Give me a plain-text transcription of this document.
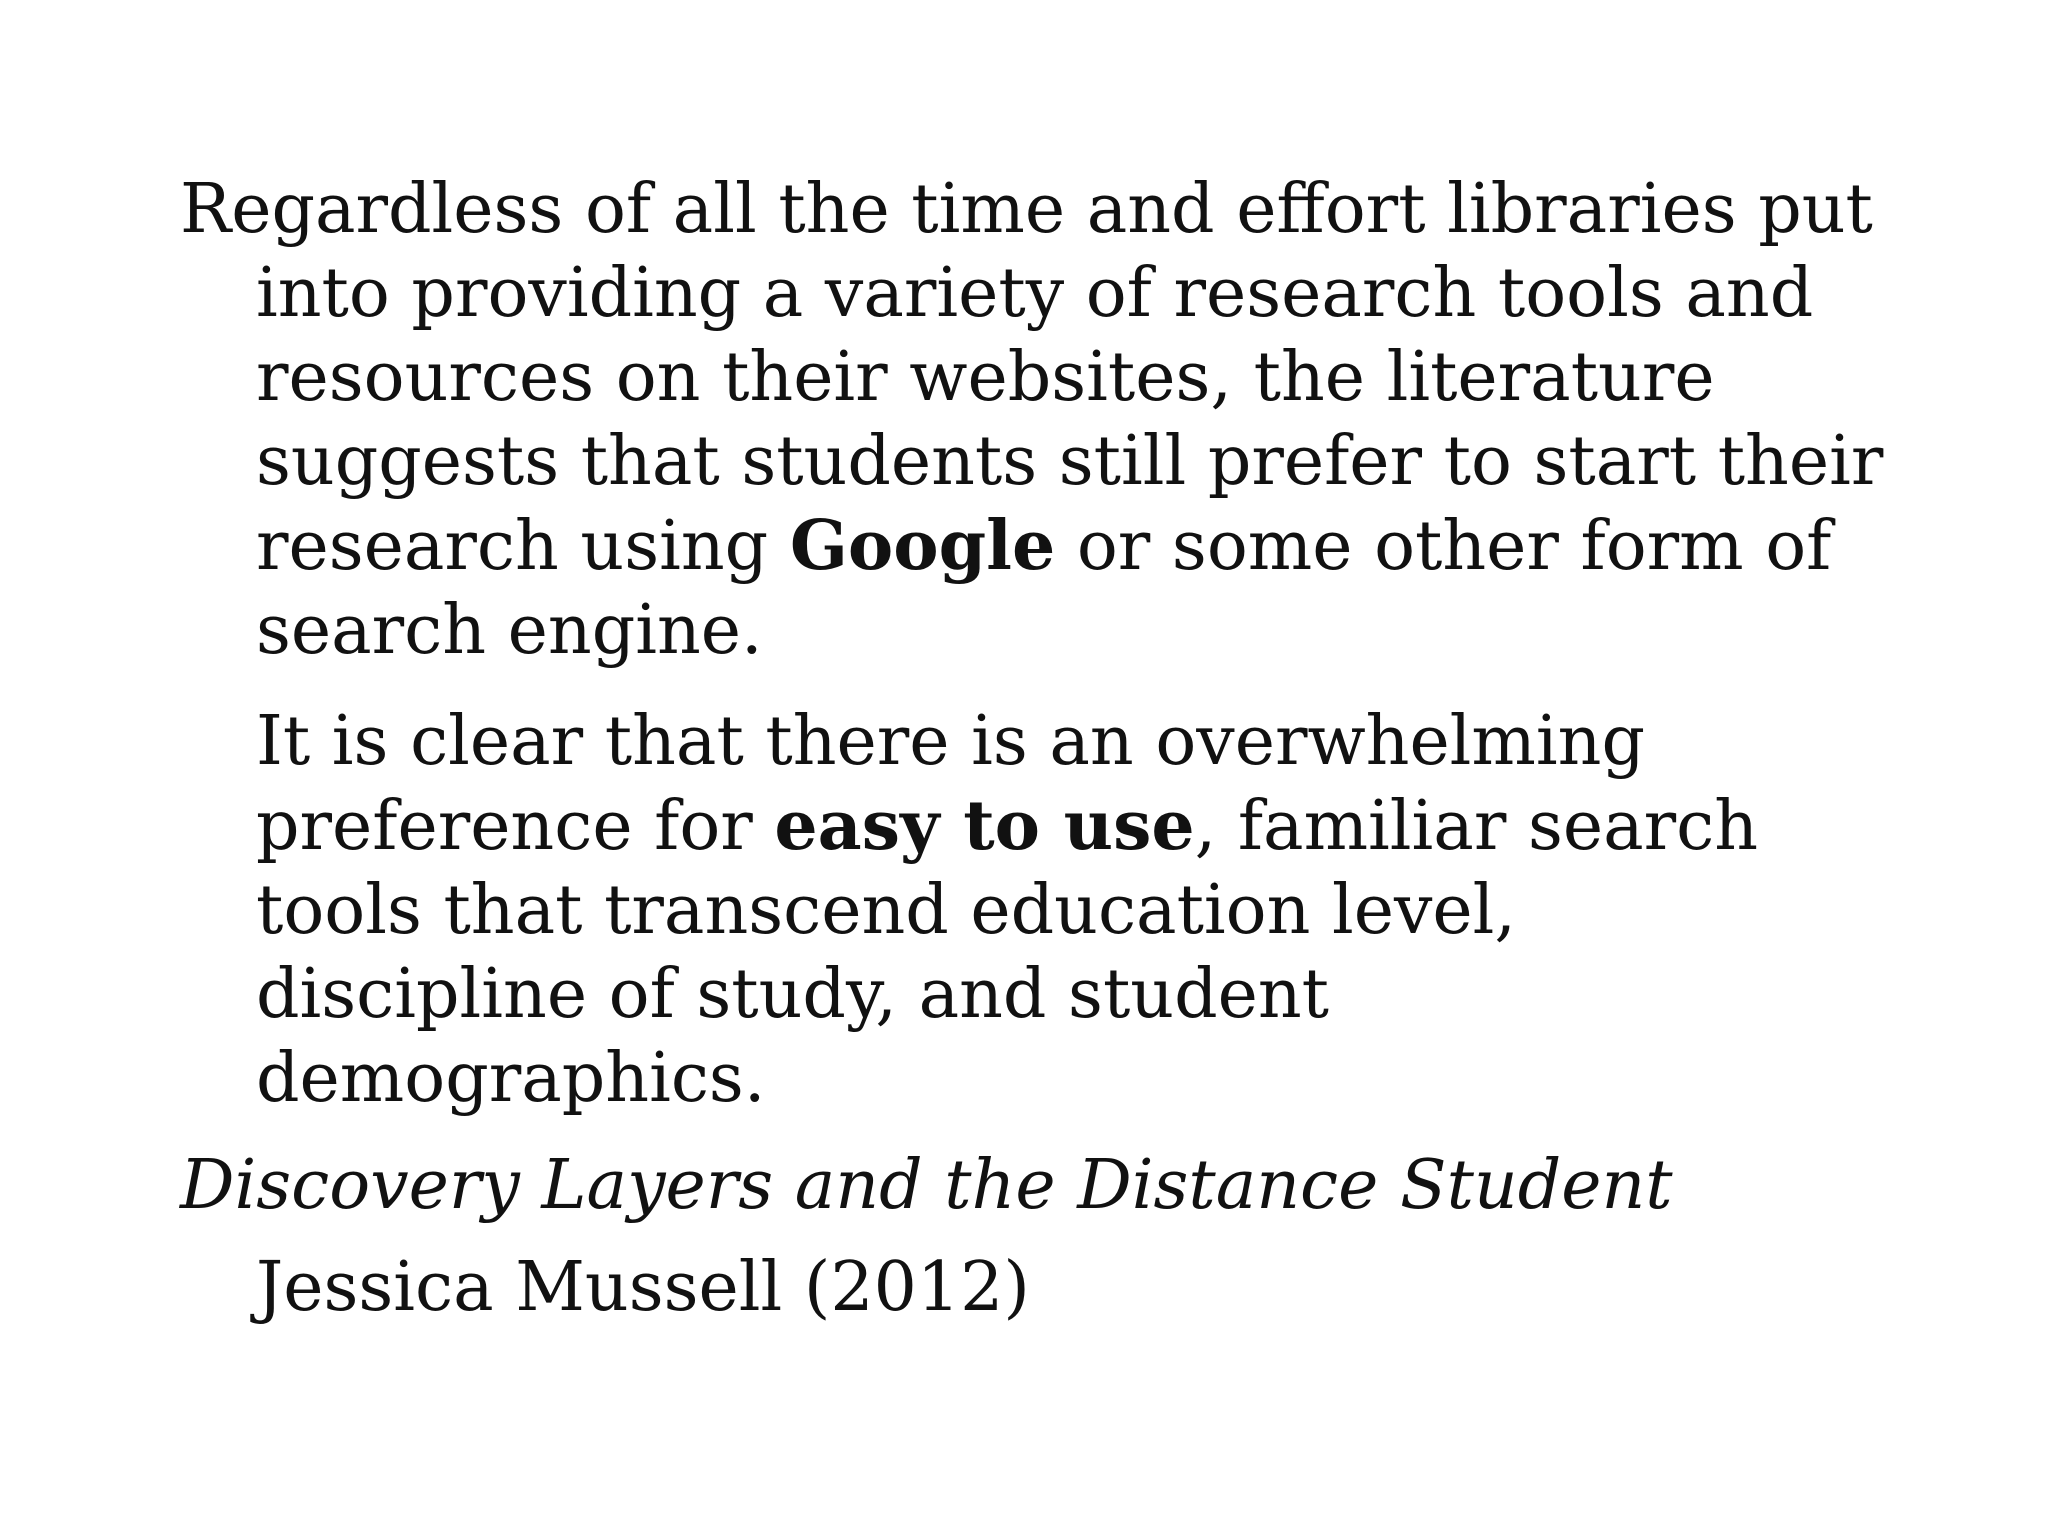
Regardless of all the time and effort libraries put into providing a variety of research tools and resources on their websites, the literature suggests that students still prefer to start their research using Google or some other form of search engine.

It is clear that there is an overwhelming preference for easy to use, familiar search tools that transcend education level, discipline of study, and student demographics.

Discovery Layers and the Distance Student

Jessica Mussell (2012)
